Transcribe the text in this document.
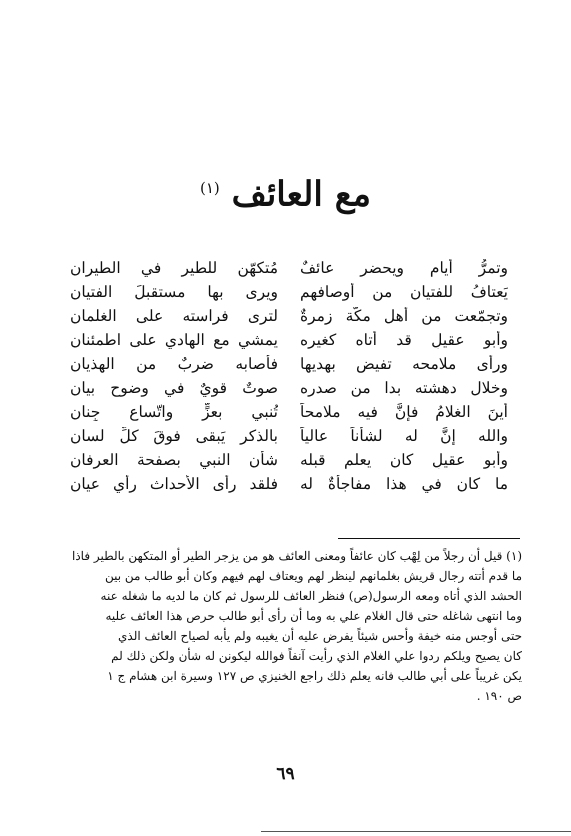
مع العائف $^{(١)}$
وتمرُّ أيام ويحضر عائفٌ
مُتكهّن للطير في الطيران
يَعتافُ للفتيان من أوصافهم
ويرى بها مستقبلَ الفتيان
وتجمّعت من أهل مكّة زمرةٌ
لترى فراسته على الغلمان
وأبو عقيلٍ قد أتاه كغيره
يمشي مع الهادي على اطمئنان
ورأى ملامحه تفيض بهديها
فأصابه ضربٌ من الهذيان
وخلال دهشته بدا من صدره
صوتٌ قويٌ في وضوح بيان
أينَ الغلامُ فإنَّ فيه ملامحاً
تُنبي بعزٍّ واتّساعِ جِنان
والله إنَّ له لشأناً عالياً
بالذكرِ يَبقى فوقَ كلِّ لسان
وأبو عقيلٍ كان يعلم قبله
شأن النبي بصفحة العرفان
ما كان في هذا مفاجأةٌ له
فلقد رأى الأحداث رأي عيان

(١) قيل أن رجلاً من لِهْب كان عائفاً ومعنى العائف هو من يزجر الطير أو المتكهن بالطير فاذا

ما قدم أتته رجال قريش بغلمانهم لينظر لهم ويعتاف لهم فيهم وكان أبو طالب من بين

الحشد الذي أتاه ومعه الرسول(ص) فنظر العائف للرسول ثم كان ما لديه ما شغله عنه

وما انتهى شاغله حتى قال الغلام علي به وما أن رأى أبو طالب حرص هذا العائف عليه

حتى أوجس منه خيفة وأحس شيئاً يفرض عليه أن يغيبه ولم يأبه لصياح العائف الذي

كان يصيح ويلكم ردوا علي الغلام الذي رأيت آنفاً فوالله ليكونن له شأن ولكن ذلك لم

يكن غريباً على أبي طالب فانه يعلم ذلك راجع الخنيزي ص ١٢٧ وسيرة ابن هشام ج ١

ص ١٩٠ .

٦٩
